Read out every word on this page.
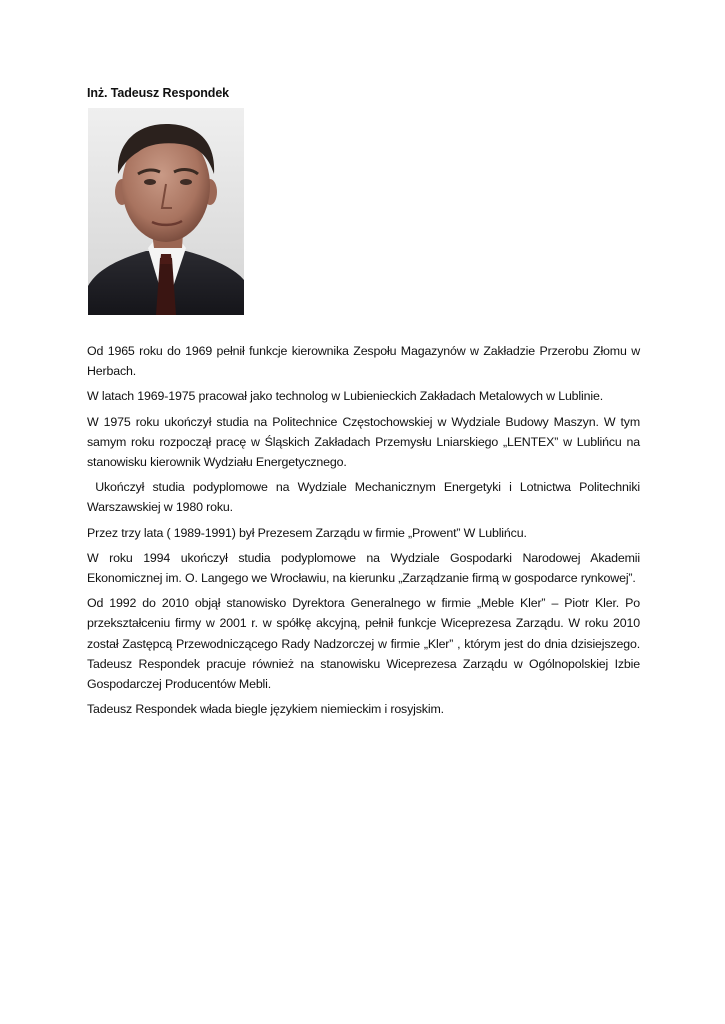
Inż. Tadeusz Respondek

Od 1965 roku do 1969 pełnił funkcje kierownika Zespołu Magazynów w Zakładzie Przerobu Złomu w Herbach.

W latach 1969-1975 pracował jako technolog w Lubienieckich Zakładach Metalowych w Lublinie.

W 1975 roku ukończył studia na Politechnice Częstochowskiej w Wydziale Budowy Maszyn. W tym samym roku rozpoczął pracę w Śląskich Zakładach Przemysłu Lniarskiego „LENTEX” w Lublińcu na stanowisku kierownik Wydziału Energetycznego.

Ukończył studia podyplomowe na Wydziale Mechanicznym Energetyki i Lotnictwa Politechniki Warszawskiej w 1980 roku.

Przez trzy lata ( 1989-1991) był Prezesem Zarządu w firmie „Prowent” W Lublińcu.

W roku 1994 ukończył studia podyplomowe na Wydziale Gospodarki Narodowej Akademii Ekonomicznej im. O. Langego we Wrocławiu, na kierunku „Zarządzanie firmą w gospodarce rynkowej”.

Od 1992 do 2010 objął stanowisko Dyrektora Generalnego w firmie „Meble Kler” – Piotr Kler. Po przekształceniu firmy w 2001 r. w spółkę akcyjną, pełnił funkcje Wiceprezesa Zarządu. W roku 2010 został Zastępcą Przewodniczącego Rady Nadzorczej w firmie „Kler” , którym jest do dnia dzisiejszego. Tadeusz Respondek pracuje również na stanowisku Wiceprezesa Zarządu w Ogólnopolskiej Izbie Gospodarczej Producentów Mebli.

Tadeusz Respondek włada biegle językiem niemieckim i rosyjskim.
